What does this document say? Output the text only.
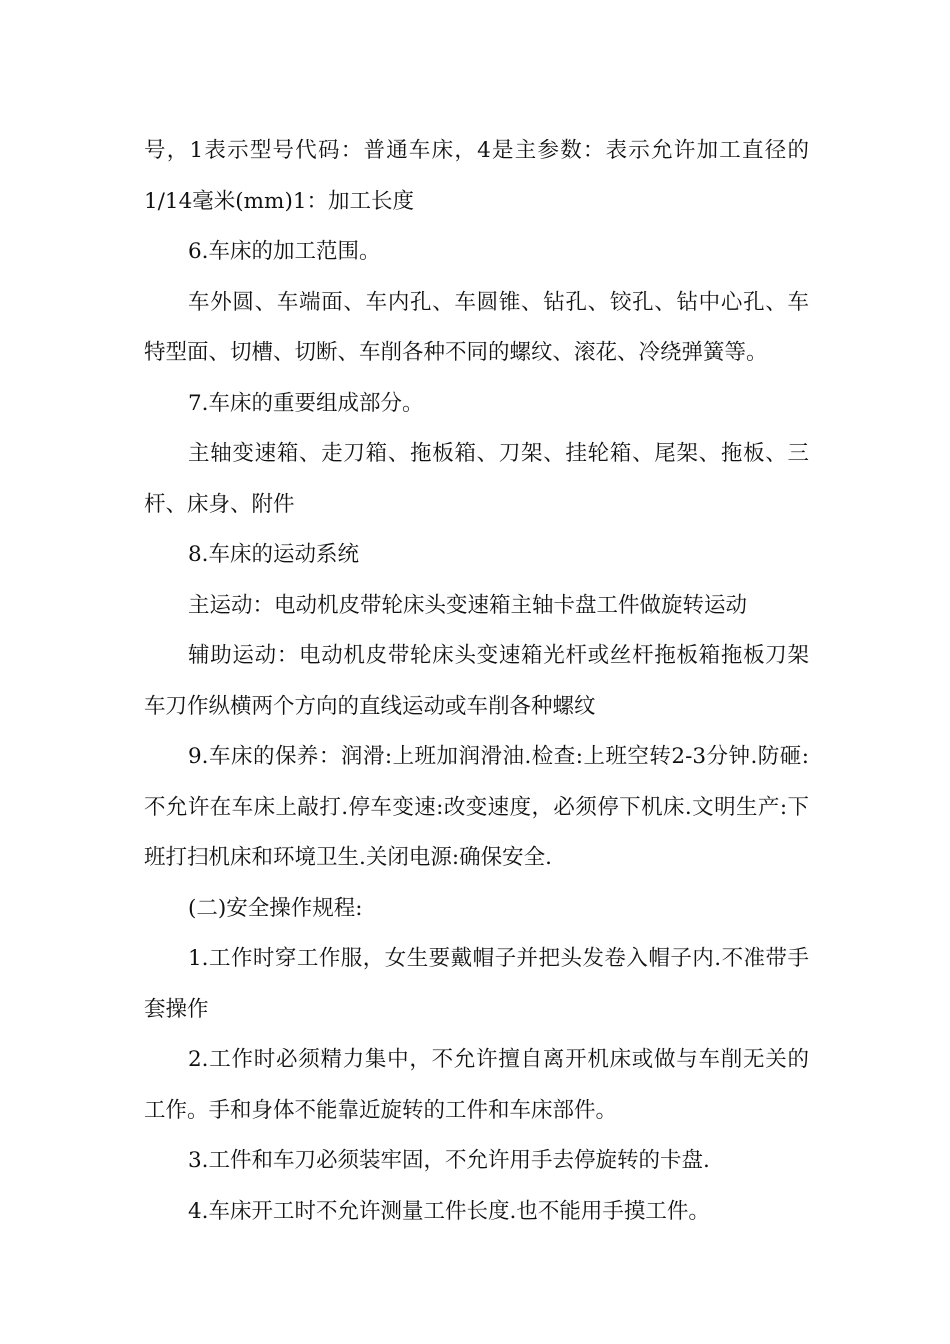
号，1表示型号代码：普通车床，4是主参数：表示允许加工直径的1/14毫米(mm)1：加工长度

6.车床的加工范围。

车外圆、车端面、车内孔、车圆锥、钻孔、铰孔、钻中心孔、车特型面、切槽、切断、车削各种不同的螺纹、滚花、冷绕弹簧等。

7.车床的重要组成部分。

主轴变速箱、走刀箱、拖板箱、刀架、挂轮箱、尾架、拖板、三杆、床身、附件

8.车床的运动系统

主运动：电动机皮带轮床头变速箱主轴卡盘工件做旋转运动

辅助运动：电动机皮带轮床头变速箱光杆或丝杆拖板箱拖板刀架车刀作纵横两个方向的直线运动或车削各种螺纹

9.车床的保养：润滑:上班加润滑油.检查:上班空转2-3分钟.防砸:不允许在车床上敲打.停车变速:改变速度，必须停下机床.文明生产:下班打扫机床和环境卫生.关闭电源:确保安全.

(二)安全操作规程:

1.工作时穿工作服，女生要戴帽子并把头发卷入帽子内.不准带手套操作

2.工作时必须精力集中，不允许擅自离开机床或做与车削无关的工作。手和身体不能靠近旋转的工件和车床部件。

3.工件和车刀必须装牢固，不允许用手去停旋转的卡盘.

4.车床开工时不允许测量工件长度.也不能用手摸工件。
